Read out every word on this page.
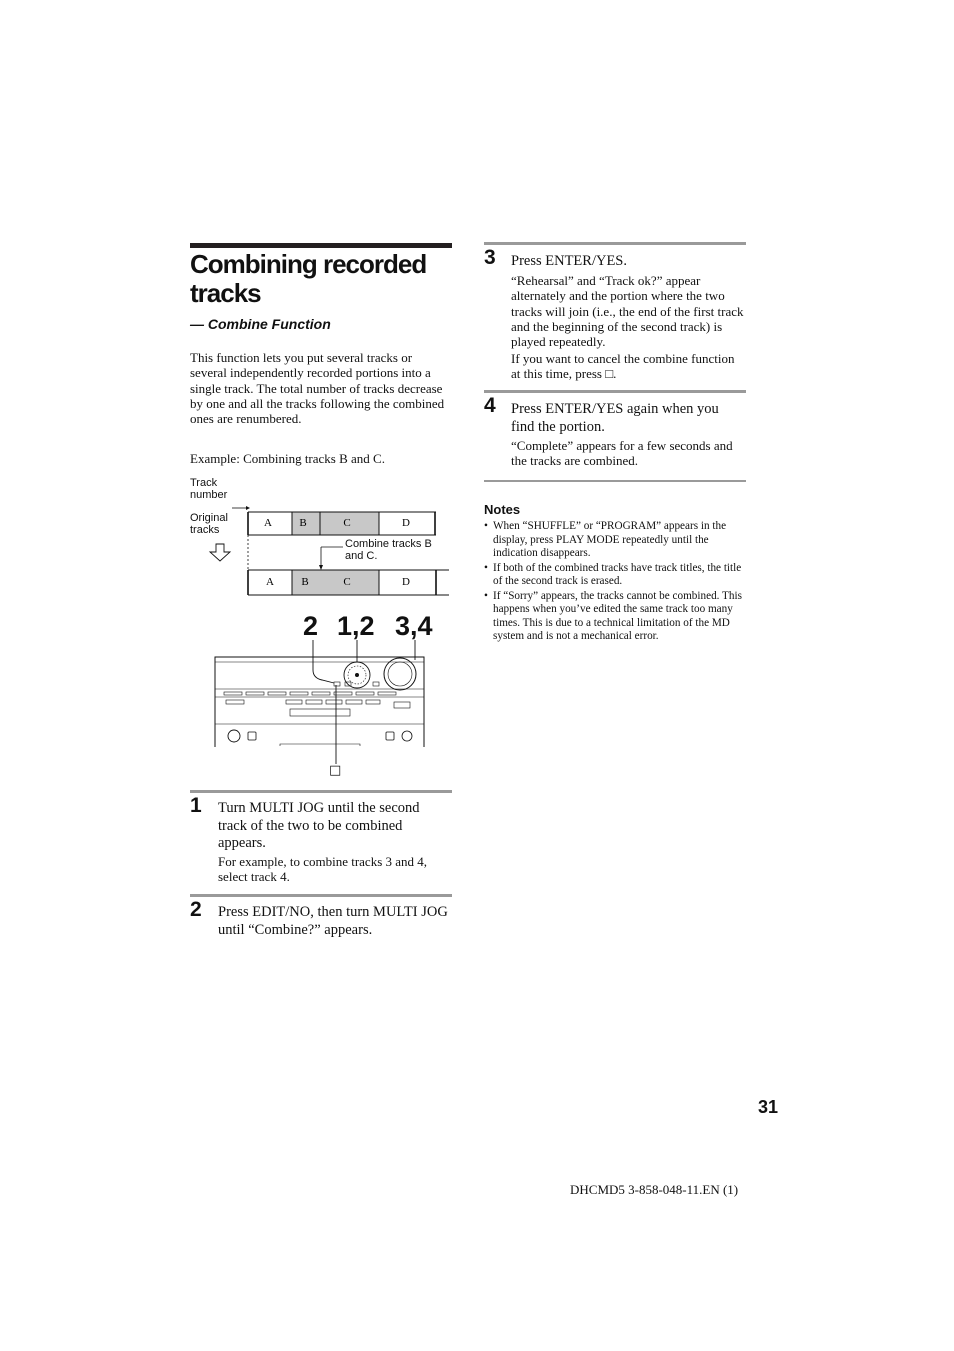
Combining recorded tracks
— Combine Function
This function lets you put several tracks or several independently recorded portions into a single track. The total number of tracks decrease by one and all the tracks following the combined ones are renumbered.
Example: Combining tracks B and C.
Track number
Original tracks
Combine tracks B and C.
A B	C	D
A B	C	D
2 1,2 3,4
□
1 Turn MULTI JOG until the second track of the two to be combined appears.
For example, to combine tracks 3 and 4, select track 4.
2 Press EDIT/NO, then turn MULTI JOG until “Combine?” appears.
3 Press ENTER/YES.
“Rehearsal” and “Track ok?” appear alternately and the portion where the two tracks will join (i.e., the end of the first track and the beginning of the second track) is played repeatedly.
If you want to cancel the combine function at this time, press □.
4 Press ENTER/YES again when you find the portion.
“Complete” appears for a few seconds and the tracks are combined.
Notes
• When “SHUFFLE” or “PROGRAM” appears in the display, press PLAY MODE repeatedly until the indication disappears.
• If both of the combined tracks have track titles, the title of the second track is erased.
• If “Sorry” appears, the tracks cannot be combined. This happens when you’ve edited the same track too many times. This is due to a technical limitation of the MD system and is not a mechanical error.
31
DHCMD5 3-858-048-11.EN (1)
